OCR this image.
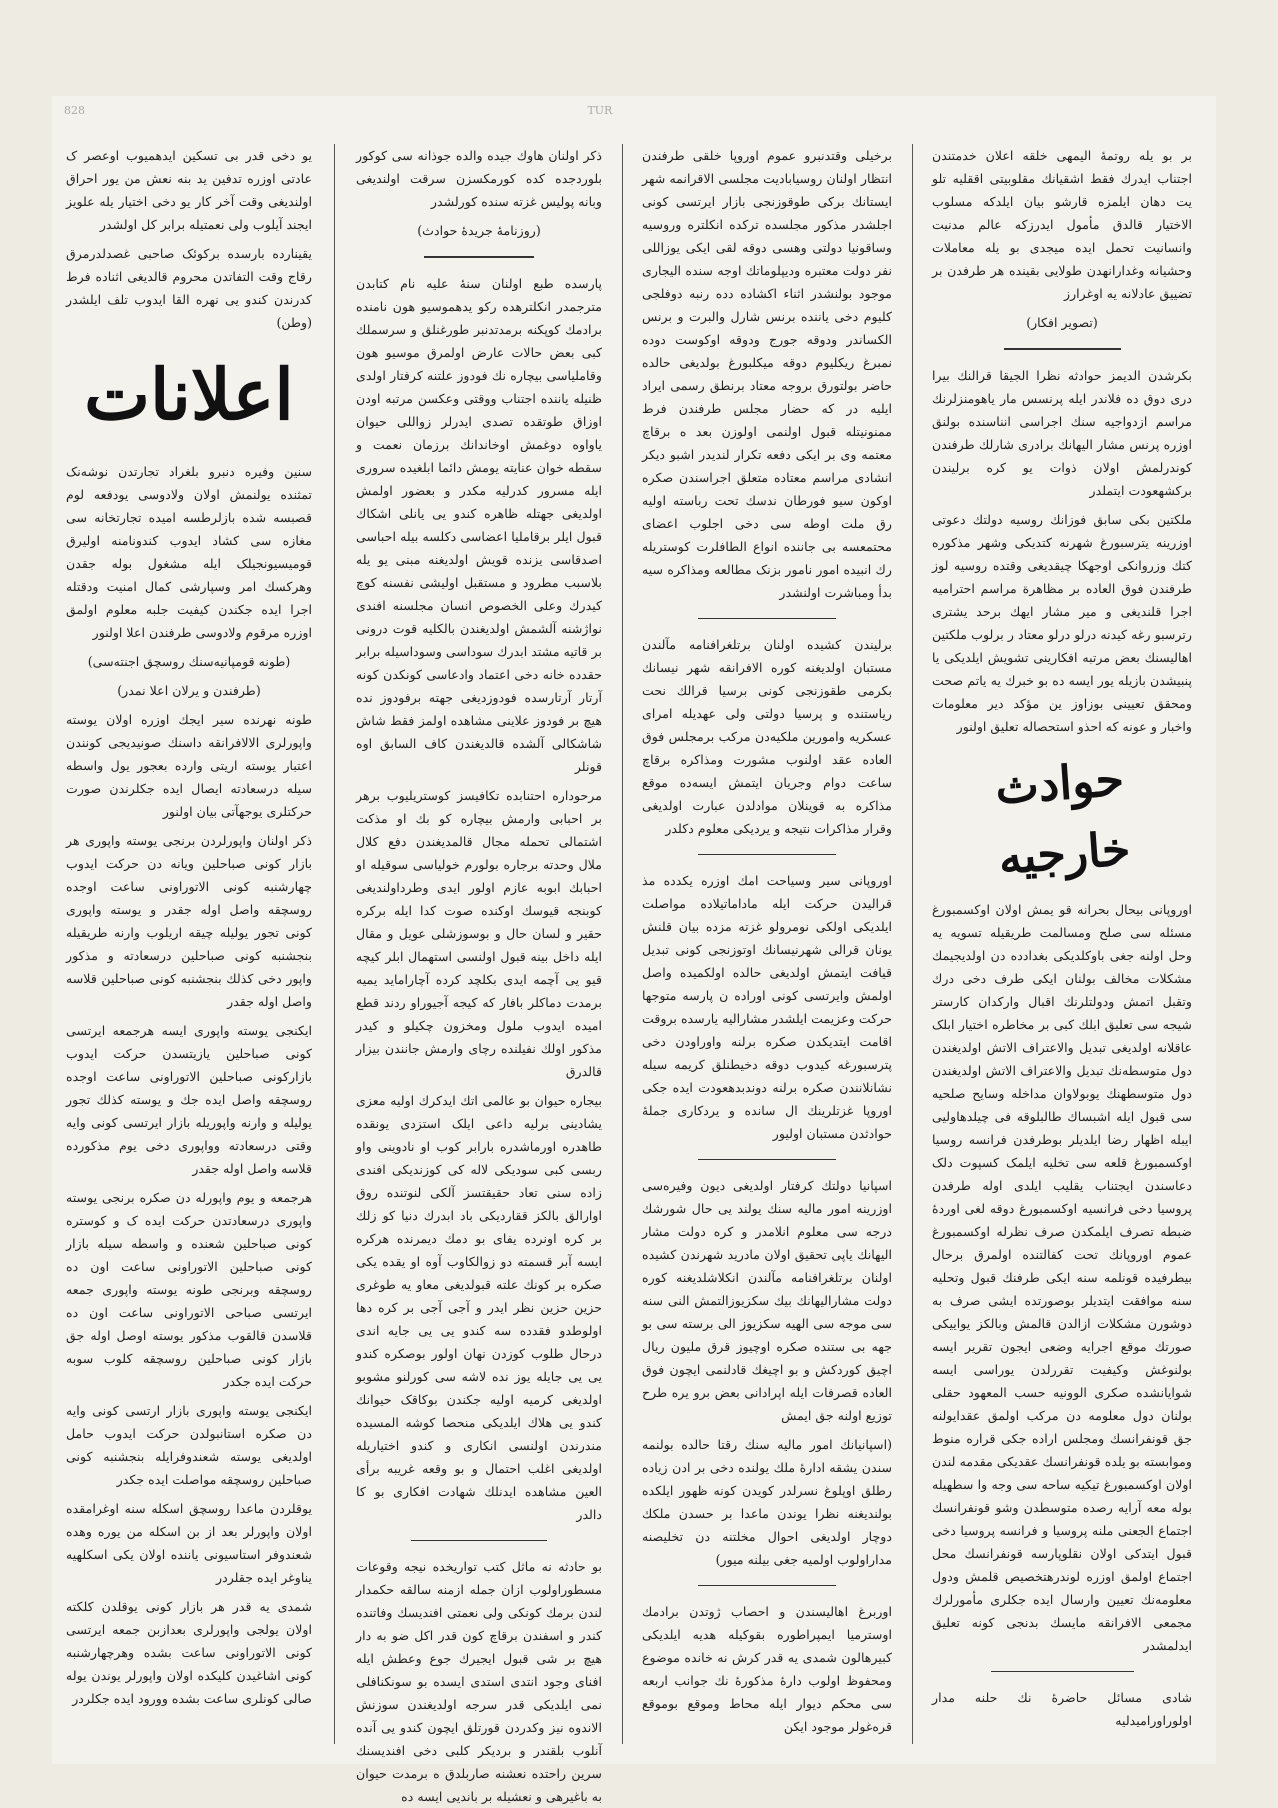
828	TUR

بر بو یله روتمهٔ الیمهی خلقه اعلان خدمتندن اجتناب ایدرك فقط اشقیانك مقلوبیتی اققلیه تلو یت دهان ایلمزه قارشو بیان ایلدکه مسلوب الاختیار قالدق مأمول ایدرزکه عالم مدنیت وانسانیت تحمل ایده میجدی بو یله معاملات وحشیانه وغدارانهدن طولایی بقینده هر طرفدن بر تضییق عادلانه یه اوغرارز

(تصویر افکار)

بکرشدن الدیمز حوادثه نظرا الجیقا قرالنك بیرا دری دوق ده فلاندر ایله پرنسس مار یاهومنزلرنك مراسم ازدواجیه سنك اجراسی انناسنده بولنق اوزره پرنس مشار الیهانك برادری شارلك طرفندن کوندرلمش اولان ذوات یو کره برلیندن برکشهعودت ایتملدر

ملکتین بکی سابق فوزانك روسیه دولتك دعوتی اوزرینه یترسبورغ شهرنه کتدیکی وشهر مذکوره کتك وزروانکی اوجهکا چیقدیغی وقتده روسیه لوز طرفندن فوق العاده بر مظاهرة مراسم احترامیه اجرا قلندیغی و میر مشار ایهك برحد یشتری رترسبو رغه کیدنه درلو درلو معتاد ر برلوب ملکتین اهالیسنك بعض مرتبه افکارینی تشویش ایلدیکی یا پنبیشدن بازیله یور ایسه ده بو خبرك یه یاتم صحت ومحقق تعیینی بوزاوز ین مؤکد دیر معلومات واخبار و عونه که احذو استحصاله تعلیق اولنور

حوادث خارجیه

اوروپانی بیحال بحرانه قو یمش اولان اوکسمبورغ مسئله سی صلح ومسالمت طریقیله تسویه یه وحل اولنه جغی باوکلدیکی بغدادده دن اولدیجیمك مشکلات مخالف بولنان ایکی طرف دخی درك وتقبل اتمش ودولتلرنك اقبال وارکدان کارستر شیجه سی تعلیق ابلك کبی بر مخاطره اختیار ابلک عاقلانه اولدیغی تبدیل والاعتراف الاتش اولدیغندن دول متوسطەنك تبدیل والاعتراف الاتش اولدیغندن دول متوسطهنك یوبولاوان مداخله وسایح صلحیه سی قبول ایله اشبساك طالبلوقه فی چیلدهاولیی ایبله اظهار رضا ایلدیلر بوطرفدن فرانسه روسیا اوکسمبورغ قلعه سی تخلیه ایلمک کسپوت دلک دعاسندن ایجتناب یقلیب ایلدی اوله طرفدن پروسیا دخی فرانسیه اوکسمبورغ دوقه لغی اوردهٔ ضبطه تصرف ایلمکدن صرف نظرله اوکسمبورغ عموم اوروپانك تحت کفالتنده اولمرق برحال بیطرفیده قونلمه سنه ایکی طرفنك قبول وتحلیه سنه موافقت ایتدیلر بوصورتده ایشی صرف به دوشورن مشکلات ازالدن قالمش وبالکز یواییکی صورتك موقع اجرایه وضعی ایجون تقریر ایسه بولنوغش وکیفیت تقررلدن یوراسی ایسه شوایانشده صکری الوونیه حسب المعهود حقلی بولنان دول معلومه دن مرکب اولمق عقدایولنه جق قونفرانسك ومجلس اراده جکی قراره منوط وموابسته بو یلده قونفرانسك عقدیکی مقدمه لندن اولان اوکسمبورغ تیکیه ساحه سی وجه وا سطهیله بوله معه آرایه رصده متوسطدن وشو قونفرانسك اجتماع الجعنى ملنه پروسیا و فرانسه پروسیا دخی قبول ایتدکی اولان نقلوپارسه قونفرانسك محل اجتماع اولمق اوزره لوندرهتخصیص قلمش ودول معلومەنك تعیین وارسال ایده جکلری مأمورلرك مجمعی الافرانقه مایسك بدنجی کونه تعلیق ایدلمشدر

شادی مسائل حاضرهٔ نك حلنه مدار اولوراورامیدلیه

برخیلی وقتدنبرو عموم اوروپا خلقی طرفندن انتظار اولنان روسیابادیت مجلسی الاقرانمه شهر ایستانك برکی طوقوزنجی بازار ایرتسی کونی اجلشدر مذکور مجلسده ترکده انکلتره وروسیه وساقونیا دولتی وهسی دوقه لقی ایکی یوزاللی نفر دولت معتبره ودیپلوماتك اوجه سنده الیجاری موجود بولنشدر اثناء اکشاده دده رنبه دوفلجی کلیوم دخی یاننده برنس شارل والبرت و برنس الکساندر ودوقه جورج ودوقه اوکوست دوده نمبرغ ریکلیوم دوقه میکلبورغ بولدیغی حالده حاضر بولتورق بروجه معتاد برنطق رسمی ایراد ایلیه در که حضار مجلس طرفندن فرط ممنونیتله قبول اولنمی اولوزن بعد ه برقاچ معتمه وی بر ایکی دفعه تکرار لندیدر اشبو دیکر انشادی مراسم معتاده متعلق اجراسندن صکره اوکون سیو فورطان ندسك تحت رباسته اولیه رق ملت اوطه سی دخی اجلوب اعضای محتمعسه بی جاننده انواع الطافلرت کوستریله رك انبیده امور نامور بزنک مطالعه ومذاکره سیه بدأ ومباشرت اولنشدر

برلیندن کشیده اولنان برتلغرافنامه مآلندن مستبان اولدیغنه کوره الافرانقه شهر نیسانك بکرمی طقوزنجی کونی برسیا قرالك نحت ریاستنده و پرسیا دولتی ولی عهدیله امرای عسکریه وامورین ملکیەدن مرکب برمجلس فوق العاده عقد اولنوب مشورت ومذاکره برقاچ ساعت دوام وجریان ایتمش ایسەده موقع مذاکره به قوینلان موادلدن عبارت اولدیغی وقرار مذاکرات نتیجه و یردیکی معلوم دکلدر

اوروپانی سیر وسیاحت امك اوزره یکدده مذ قرالیدن حرکت ایله ماداماتیلاده مواصلت ایلدیکی اولکی نومرولو غزته مزده بیان قلنش یونان قرالی شهرنیسانك اوتوزنجی کونی تبدیل قیافت ایتمش اولدیغی حالده اولکمیده واصل اولمش وایرتسی کونی اوراده ن پارسه متوجها حرکت وعزیمت ایلشدر مشارالیه یارسده بروقت اقامت ایتدیکدن صکره برلنه واوراودن دخی پترسبورغه کیدوب دوقه دخیطنلق کریمه سیله نشانلانندن صکره برلنه دوندبدهعودت ایده جکی اوروپا غزتلرینك ال سانده و یردکاری جملهٔ حوادثدن مستبان اولیور

اسپانیا دولتك کرفتار اولدیغی دیون وفیرەسی اوزرینه امور مالیه سنك یولند یی حال شورشك درجه سی معلوم انلامدر و کره دولت مشار الیهانك یاپی تحقیق اولان مادرید شهرندن کشیده اولنان برتلغرافنامه مآلندن انکلاشلدیغنه کوره دولت مشارالیهانك بیك سکزیوزالتمش النی سنه سی موجه سی الهیه سکزیوز الی برسته سی بو جهه بی ستنده صکره اوچیوز قرق ملیون ریال اچیق کوردکش و بو اچیغك قادلنمی ایچون فوق العاده قصرفات ایله اپرادانی بعض برو یره طرح توزیع اولنه جق ایمش

(اسپانیانك امور مالیه سنك رقتا حالده بولنمه سندن یشقه ادارهٔ ملك یولنده دخی بر ادن زیاده رطلق اوپلوغ نسرلدر کویدن کونه ظهور ایلکده بولندیغنه نظرا یوندن ماعدا بر حسدن ملکك دوچار اولدیغی احوال مخلتنه دن تخلیصنه مداراولوب اولمیه جغی بیلنه میور)

اوربرغ اهالیسندن و احصاب ژوتدن برادمك اوسترمیا ایمپراطوره بقوکیله هدیه ایلدیکی کبیرهالون شمدی یه قدر کرش نه خانده موضوع ومحفوظ اولوب دارهٔ مذکورهٔ نك جوانب اربعه سی محکم دیوار ایله محاط وموقع بوموقع قرەغولر موجود ایکن

ذکر اولنان هاوك جیده والده جوذانه سی کوکور بلوردجده کده کورمکسزن سرقت اولندیغی وبانه پولیس غزته سنده کورلشدر

(روزنامهٔ جریدهٔ حوادث)

پارسده طبع اولنان سنهٔ علیه نام کتابدن مترجمدر انکلترهده رکو یدهموسیو هون نامنده برادمك کوپکنه برمدتدنبر طورغنلق و سرسملك کبی بعض حالات عارض اولمرق موسیو هون وقاملیاسی بیچاره نك فودوز علتنه کرفتار اولدی ظنیله یاننده اجتناب ووقتی وعکسن مرتبه اودن اوزاق طوتقده تصدی ایدرلر زواللی حیوان یاواوه دوغمش اوخاندانك برزمان نعمت و سقطه خوان عنایته یومش دائما ابلغیده سروری ایله مسرور کدرلیه مکدر و بعضور اولمش اولدیغی جهتله ظاهره کندو یی یانلی اشکاك قبول ایلر برقاملیا اعضاسی دکلسه بیله احباسی اصدقاسی یزنده قویش اولدیغنه مبنی یو یله بلاسبب مطرود و مستقبل اولیشی نفسنه کوچ کیدرك وعلی الخصوص انسان مجلسنه افندی نواژشنه آلشمش اولدیغندن بالکلیه قوت درونی بر قاتیه مشتد ابدرك سوداسی وسوداسیله برابر حقدده خانه دخی اعتماد وادعاسی کونکدن کونه آرتار آرتارسده فودوزدیغی جهته برفودوز نده هیچ بر فودوز علاینی مشاهده اولمز فقط شاش شاشکالی آلشده قالدیغندن کاف السابق اوه قونلر

مرحوداره احتنابده تکافیسز کوستریلیوب برهر بر احبابی وارمش بیچاره کو بك او مذکت اشتمالی تحمله مجال قالمدیغندن دفع کلال ملال وحدته برجاره بولورم خولیاسی سوقیله او احبابك ابوبه عازم اولور ایدی وطرداولندیغی کوبنجه قیوسك اوکنده صوت کدا ایله برکره حقیر و لسان حال و بوسوزشلی عویل و مقال ایله داخل بینه قبول اولنسی استهمال ابلر کیچه قیو یی آچمه ایدی بکلچد کرده آچاراماید یمیه برمدت دماکلر بافار که کیجه آجیوراو ردند قطع امیده ایدوب ملول ومخزون چکیلو و کیدر مذکور اولك نفیلنده رچای وارمش جانندن بیزار قالدرق

بیجاره حیوان بو عالمی اتك ایدکرك اولیه معزی یشادینی برلیه داعی ایلک استزدی یونقده طاهدره اورماشدره بارابر کوب او نادوینی واو ربسی کبی سودیکی لاله کی کوزندیکی افندی زاده سنی تعاد حقیقتسز آلکی لنوتنده روق اوارالق بالکز ققاردیکی باد ابدرك دنیا کو زلك بر کره اونرده یفای بو دمك دیمرنده هرکره ایسه آبر قسمته دو زوالكاوب آوه او یقده یکی صکره بر کونك علته قبولدیغی معاو یه طوغری حزین حزین نظر ایدر و آجی آجی بر کره دها اولوطدو فقدده سه کندو یی یی جایه اندی درحال طلوب کوزدن نهان اولور بوصکره کندو یی یی جایله یوز نده لاشه سی کورلنو مشوبو اولدیغی کرمیه اولیه جکندن بوکاقک حیوانك کندو یی هلاك ایلدیکی منحصا کوشه المسیده مندرندن اولنسی انکاری و کندو اختیاریله اولدیغی اغلب احتمال و بو وقعه غریبه برأی العین مشاهده ایدنلك شهادت افکاری بو کا دالدر

بو حادثه نه ماثل کتب تواریخده نیجه وقوعات مسطوراولوب ازان جمله ازمنه سالقه حکمدار لندن برمك کونکی ولی نعمتی افندیسك وفاتنده کندر و اسفندن برقاچ کون قدر اکل ضو به دار هیچ بر شی قبول ایجیرك جوع وعطش ایله افنای وجود انتدی استدی ایسده بو سونکنافلی نمی ایلدیکی قدر سرجه اولدیغندن سوزنش الاندوه نیز وکدردن قورتلق ایچون کندو یی آنده آنلوب بلقندر و بردیکر کلبی دخی افندیسنك سرین راحتده نعشنه صاربلدق ه برمدت حیوان به باغیرهی و نعشیله بر باندیی ایسه ده

یو دخی قدر بی تسکین ایدهمیوب اوعصر ک عادتی اوزره تدفین ید بنه نعش من یور احراق اولندیغی وقت آخر کار یو دخی اختیار یله علویز ایجند آیلوب ولی نعمتیله برابر کل اولشدر

یقینارده بارسده برکوئک صاحبی غصدلدرمرق رقاج وقت التفاتدن محروم قالدیغی اثناده فرط کدرندن کندو یی نهره القا ایدوب تلف ایلشدر (وطن)

اعلانات

سنین وفیره دنبرو بلغراد تجارتدن نوشەنک تمثنده یولنمش اولان ولادوسی یودفعه لوم قصبسه شده بازلرطسه امیده تجارتخانه سی مغازه سی کشاد ایدوب کندونامنه اولیرق قومیسیونجیلک ایله مشغول بوله جقدن وهرکسك امر وسپارشی کمال امنیت ودقتله اجرا ایده جکندن کیفیت جلبه معلوم اولمق اوزره مرقوم ولادوسی طرفندن اعلا اولنور

(طونه قومپانیەسنك روسچق اجنتەسی)

(طرفندن و یرلان اعلا نمدر)

طونه نهرنده سیر ایجك اوزره اولان یوسته واپورلری الالافرانقه داسنك صونیدیجی کونندن اعتبار یوسته اریتی وارده بعجور یول واسطه سیله درسعادته ایصال ایده جکلرندن صورت حرکتلری یوجهآتی بیان اولنور

ذکر اولنان واپورلردن برنجی یوسته واپوری هر بازار کونی صباحلین ویانه دن حرکت ایدوب چهارشنبه کونی الاتوراونی ساعت اوجده روسچقه واصل اوله جقدر و یوسته واپوری کونی تجور یولیله چیقه اریلوب وارنه طریقیله بنجشنبه کونی صباحلین درسعادته و مذکور واپور دخی کذلك بنجشنبه کونی صباحلین قلاسه واصل اوله جقدر

ایکنجی یوسته واپوری ایسه هرجمعه ایرتسی کونی صباحلین یازیتسدن حرکت ایدوب بازارکونی صباحلین الاتوراونی ساعت اوجده روسچقه واصل ایده جك و یوسته کذلك تجور یولیله و وارنه واپوریله بازار ایرتسی کونی وایه وقتی درسعادته وواپوری دخی یوم مذکورده قلاسه واصل اوله جقدر

هرجمعه و یوم واپورله دن صکره برنجی یوسته واپوری درسعادتدن حرکت ایده ک و کوستره کونی صباحلین شعنده و واسطه سیله بازار کونی صباحلین الاتوراونی ساعت اون ده روسچقه وبرنجی طونه یوسته واپوری جمعه ایرتسی صباحی الاتوراونی ساعت اون ده قلاسدن قالقوب مذکور یوسته اوصل اوله جق بازار کونی صباحلین روسچقه کلوب سوبه حرکت ایده جکدر

ایکنجی یوسته واپوری بازار ارتسی کونی وایه دن صکره استانبولدن حرکت ایدوب حامل اولدیغی یوسته شعندوفرایله بنجشنبه کونی صباحلین روسچقه مواصلت ایده جکدر

یوقلردن ماعدا روسچق اسکله سنه اوغرامقده اولان واپورلر بعد از بن اسکله من یوره وهده شعندوفر استاسیونی یاننده اولان یکی اسکلهیه یناوغر ایده جقلردر

شمدی یه قدر هر بازار کونی یوقلدن کلکته اولان یولجی واپورلری بعدازبن جمعه ایرتسی کونی الاتوراونی ساعت بشده وهرچهارشنبه کونی اشاغیدن کلیکده اولان واپورلر یوندن یوله صالی کونلری ساعت بشده وورود ایده جکلردر
